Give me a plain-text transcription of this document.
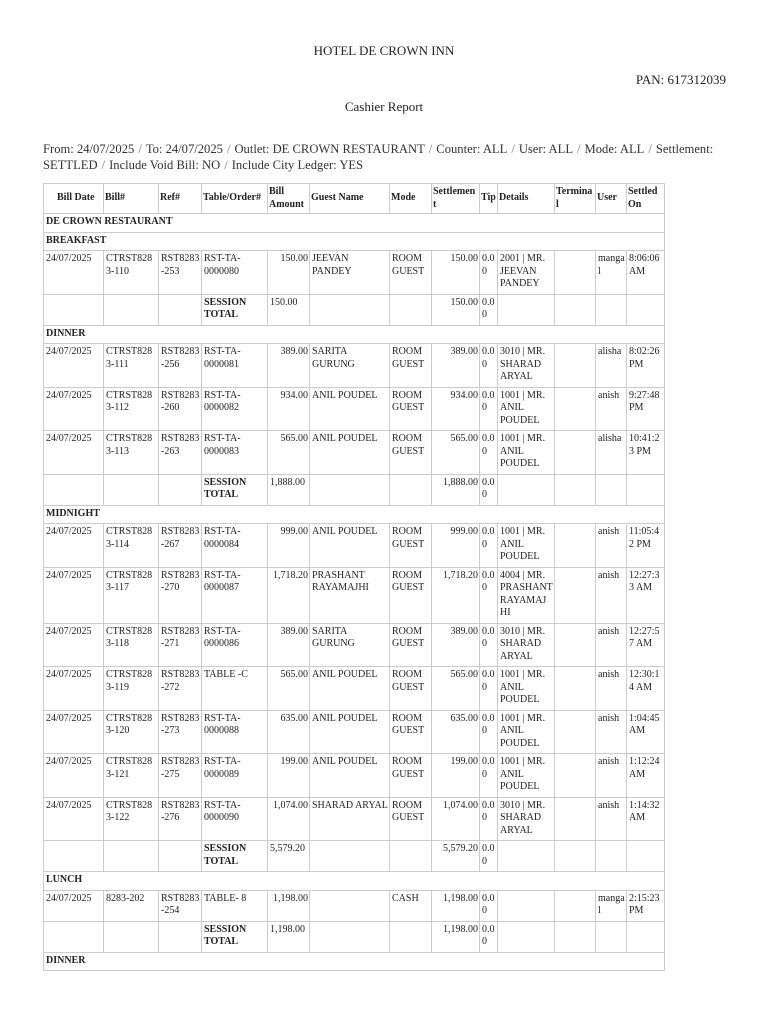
HOTEL DE CROWN INN
PAN: 617312039
Cashier Report
From: 24/07/2025 / To: 24/07/2025 / Outlet: DE CROWN RESTAURANT / Counter: ALL / User: ALL / Mode: ALL / Settlement: SETTLED / Include Void Bill: NO / Include City Ledger: YES
Bill Date	Bill#	Ref#	Table/Order#	Bill Amount	Guest Name	Mode	Settlement	Tip	Details	Terminal	User	Settled On
DE CROWN RESTAURANT												
BREAKFAST												
24/07/2025	CTRST8283-110	RST8283-253	RST-TA-0000080	150.00	JEEVAN PANDEY	ROOM GUEST	150.00	0.00	2001 | MR. JEEVAN PANDEY		mangal	8:06:06 AM
			SESSION TOTAL	150.00			150.00	0.00				
DINNER												
24/07/2025	CTRST8283-111	RST8283-256	RST-TA-0000081	389.00	SARITA GURUNG	ROOM GUEST	389.00	0.00	3010 | MR. SHARAD ARYAL		alisha	8:02:26 PM
24/07/2025	CTRST8283-112	RST8283-260	RST-TA-0000082	934.00	ANIL POUDEL	ROOM GUEST	934.00	0.00	1001 | MR. ANIL POUDEL		anish	9:27:48 PM
24/07/2025	CTRST8283-113	RST8283-263	RST-TA-0000083	565.00	ANIL POUDEL	ROOM GUEST	565.00	0.00	1001 | MR. ANIL POUDEL		alisha	10:41:23 PM
			SESSION TOTAL	1,888.00			1,888.00	0.00				
MIDNIGHT												
24/07/2025	CTRST8283-114	RST8283-267	RST-TA-0000084	999.00	ANIL POUDEL	ROOM GUEST	999.00	0.00	1001 | MR. ANIL POUDEL		anish	11:05:42 PM
24/07/2025	CTRST8283-117	RST8283-270	RST-TA-0000087	1,718.20	PRASHANT RAYAMAJHI	ROOM GUEST	1,718.20	0.00	4004 | MR. PRASHANT RAYAMAJHI		anish	12:27:33 AM
24/07/2025	CTRST8283-118	RST8283-271	RST-TA-0000086	389.00	SARITA GURUNG	ROOM GUEST	389.00	0.00	3010 | MR. SHARAD ARYAL		anish	12:27:57 AM
24/07/2025	CTRST8283-119	RST8283-272	TABLE -C	565.00	ANIL POUDEL	ROOM GUEST	565.00	0.00	1001 | MR. ANIL POUDEL		anish	12:30:14 AM
24/07/2025	CTRST8283-120	RST8283-273	RST-TA-0000088	635.00	ANIL POUDEL	ROOM GUEST	635.00	0.00	1001 | MR. ANIL POUDEL		anish	1:04:45 AM
24/07/2025	CTRST8283-121	RST8283-275	RST-TA-0000089	199.00	ANIL POUDEL	ROOM GUEST	199.00	0.00	1001 | MR. ANIL POUDEL		anish	1:12:24 AM
24/07/2025	CTRST8283-122	RST8283-276	RST-TA-0000090	1,074.00	SHARAD ARYAL	ROOM GUEST	1,074.00	0.00	3010 | MR. SHARAD ARYAL		anish	1:14:32 AM
			SESSION TOTAL	5,579.20			5,579.20	0.00				
LUNCH												
24/07/2025	8283-202	RST8283-254	TABLE- 8	1,198.00		CASH	1,198.00	0.00			mangal	2:15:23 PM
			SESSION TOTAL	1,198.00			1,198.00	0.00				
DINNER												
